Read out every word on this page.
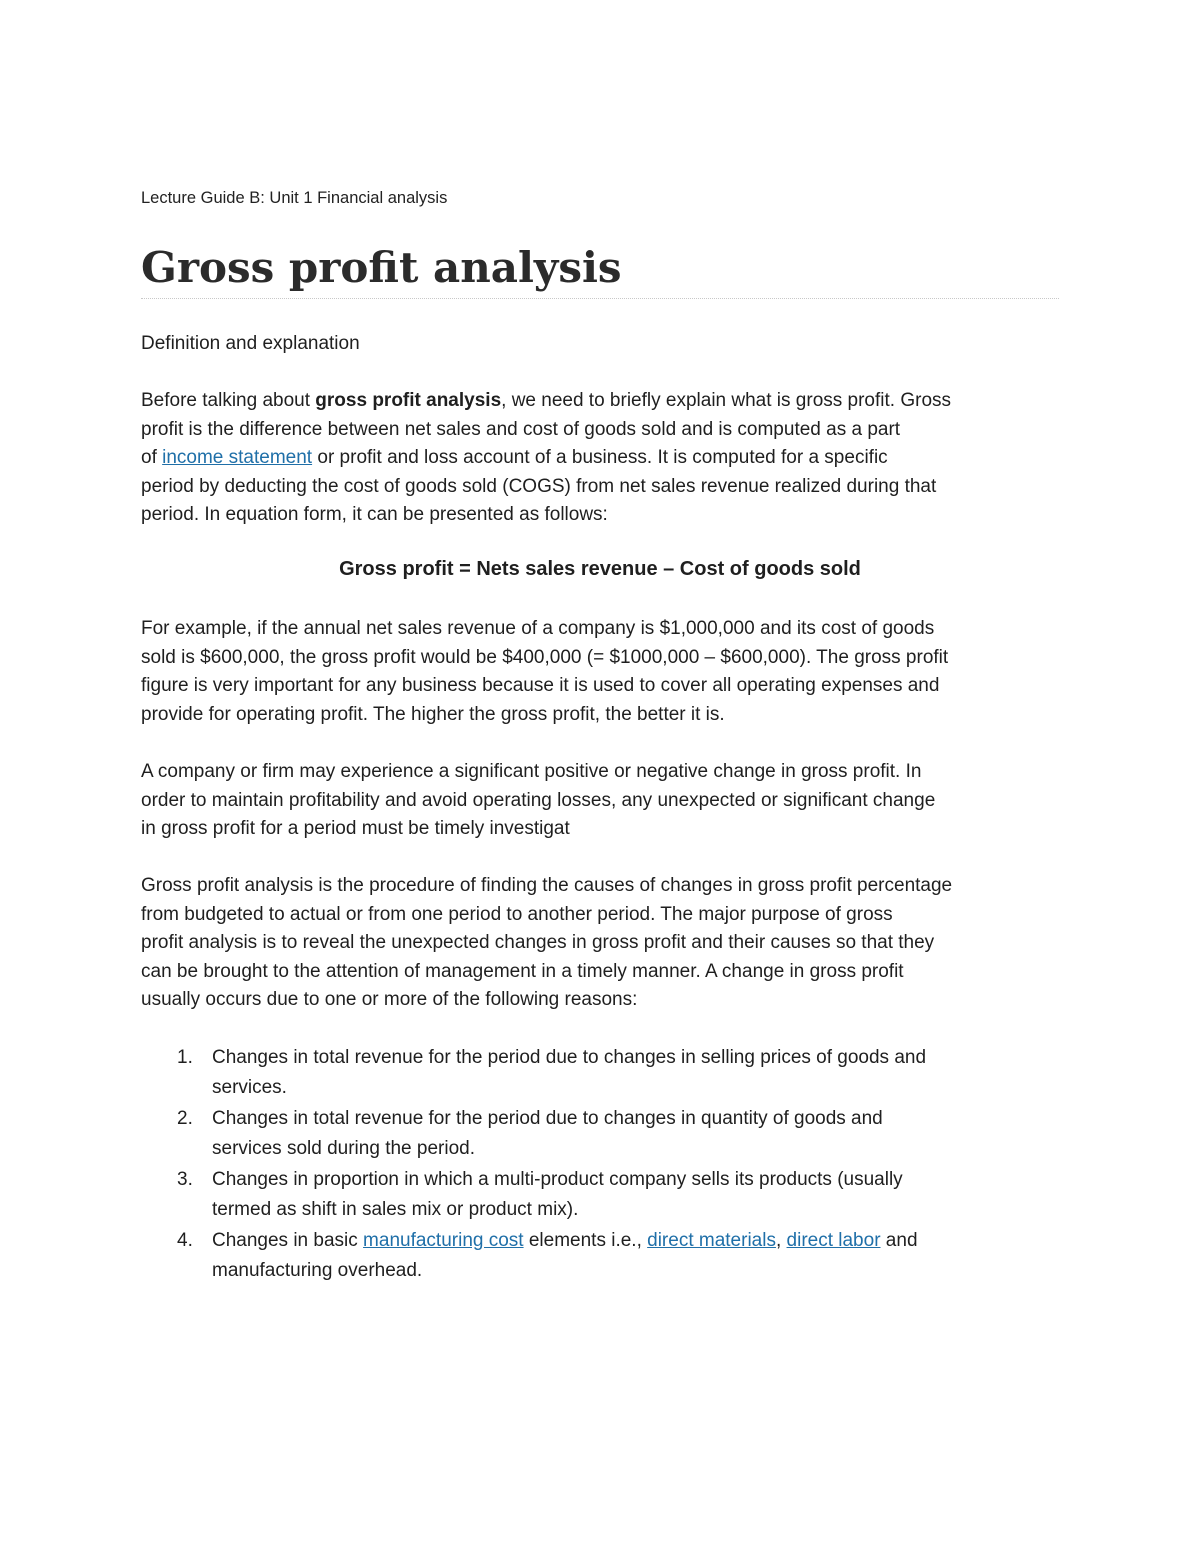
Lecture Guide B: Unit 1 Financial analysis
Gross profit analysis
Definition and explanation
Before talking about gross profit analysis, we need to briefly explain what is gross profit. Gross
profit is the difference between net sales and cost of goods sold and is computed as a part
of income statement or profit and loss account of a business. It is computed for a specific
period by deducting the cost of goods sold (COGS) from net sales revenue realized during that
period. In equation form, it can be presented as follows:
Gross profit = Nets sales revenue – Cost of goods sold
For example, if the annual net sales revenue of a company is $1,000,000 and its cost of goods
sold is $600,000, the gross profit would be $400,000 (= $1000,000 – $600,000). The gross profit
figure is very important for any business because it is used to cover all operating expenses and
provide for operating profit. The higher the gross profit, the better it is.
A company or firm may experience a significant positive or negative change in gross profit. In
order to maintain profitability and avoid operating losses, any unexpected or significant change
in gross profit for a period must be timely investigat
Gross profit analysis is the procedure of finding the causes of changes in gross profit percentage
from budgeted to actual or from one period to another period. The major purpose of gross
profit analysis is to reveal the unexpected changes in gross profit and their causes so that they
can be brought to the attention of management in a timely manner. A change in gross profit
usually occurs due to one or more of the following reasons:
1. Changes in total revenue for the period due to changes in selling prices of goods and
services.
2. Changes in total revenue for the period due to changes in quantity of goods and
services sold during the period.
3. Changes in proportion in which a multi-product company sells its products (usually
termed as shift in sales mix or product mix).
4. Changes in basic manufacturing cost elements i.e., direct materials, direct labor and
manufacturing overhead.
